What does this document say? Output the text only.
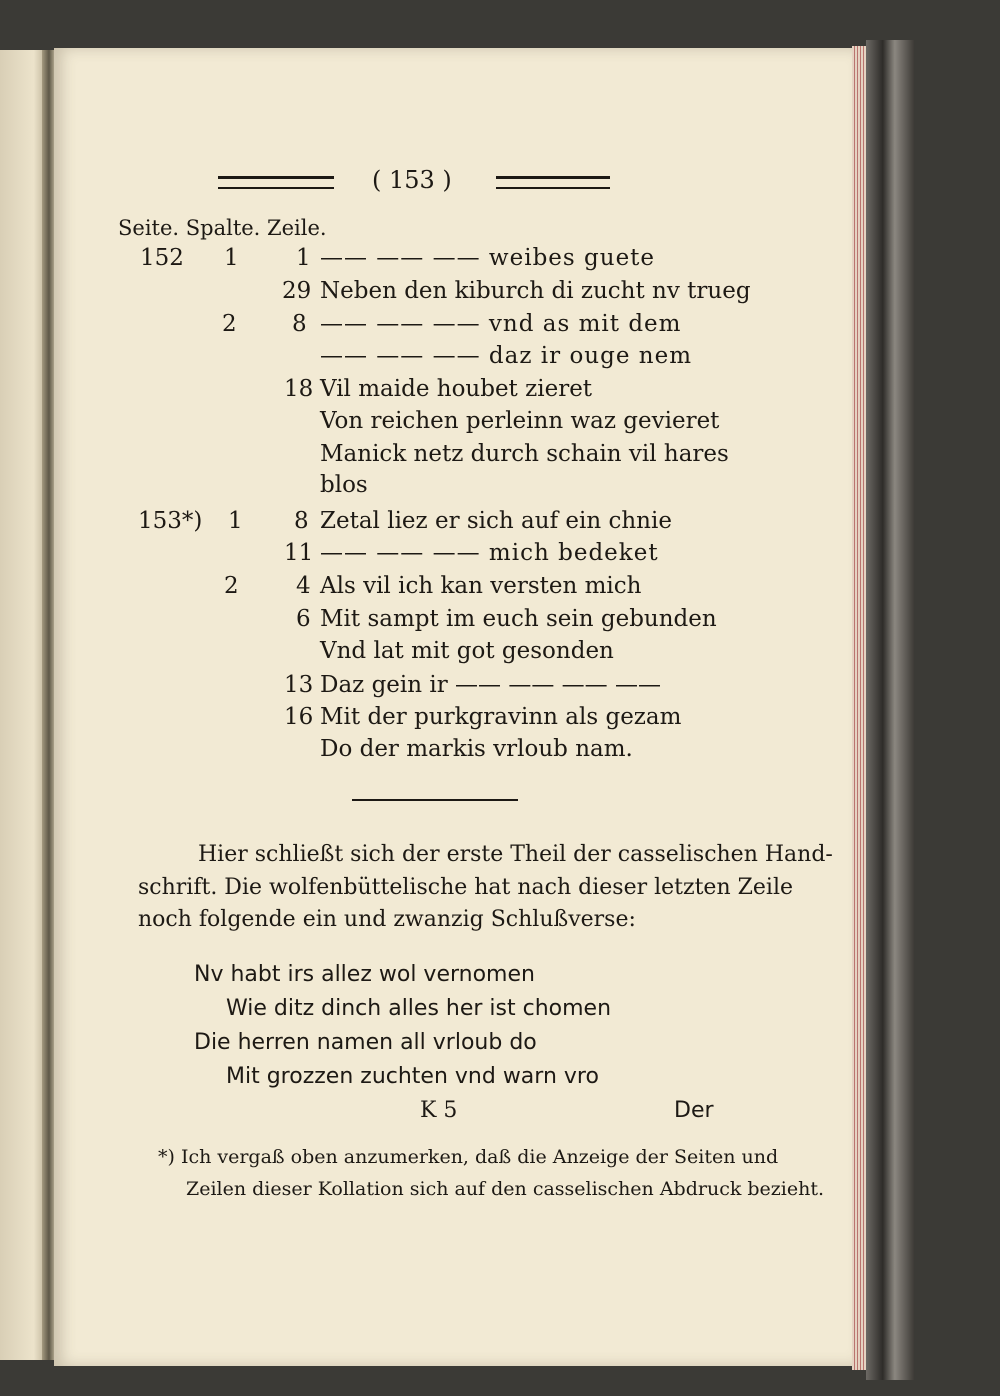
( 153 )
Seite. Spalte. Zeile.
152 1 1 —— —— —— weibes guete
29 Neben den kiburch di zucht nv trueg
2 8 —— —— —— vnd as mit dem
—— —— —— daz ir ouge nem
18 Vil maide houbet zieret
Von reichen perleinn waz gevieret
Manick netz durch schain vil hares
blos
153*) 1 8 Zetal liez er sich auf ein chnie
11 —— —— —— mich bedeket
2 4 Als vil ich kan versten mich
6 Mit sampt im euch sein gebunden
Vnd lat mit got gesonden
13 Daz gein ir —— —— —— ——
16 Mit der purkgravinn als gezam
Do der markis vrloub nam.
Hier schließt sich der erste Theil der casselischen Hand-
schrift. Die wolfenbüttelische hat nach dieser letzten Zeile
noch folgende ein und zwanzig Schlußverse:
Nv habt irs allez wol vernomen
Wie ditz dinch alles her ist chomen
Die herren namen all vrloub do
Mit grozzen zuchten vnd warn vro
K 5	Der
*) Ich vergaß oben anzumerken, daß die Anzeige der Seiten und
Zeilen dieser Kollation sich auf den casselischen Abdruck bezieht.
